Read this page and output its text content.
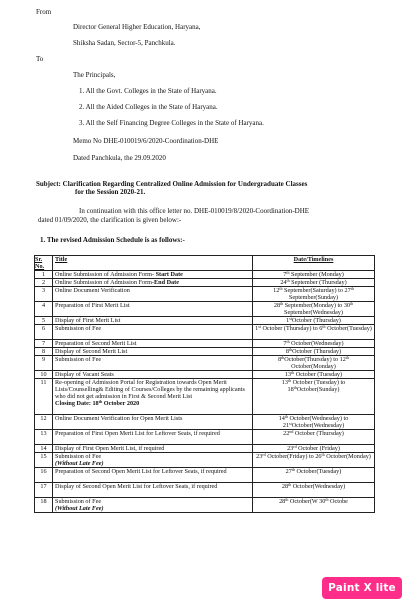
From
Director General Higher Education, Haryana,
Shiksha Sadan, Sector-5, Panchkula.
To
The Principals,
1. All the Govt. Colleges in the State of Haryana.
2. All the Aided Colleges in the State of Haryana.
3. All the Self Financing Degree Colleges in the State of Haryana.
Memo No DHE-010019/6/2020-Coordination-DHE
Dated Panchkula, the 29.09.2020
Subject: Clarification Regarding Centralized Online Admission for Undergraduate Classes
for the Session 2020-21.
In continuation with this office letter no. DHE-010019/8/2020-Coordination-DHE
dated 01/09/2020, the clarification is given below:-
1. The revised Admission Schedule is as follows:-
Sr.
No.	Title	Date/Timelines
1	Online Submission of Admission Form- Start Date	7th September (Monday)
2	Online Submission of Admission Form-End Date	24th September (Thursday)
3	Online Document Verification	12th September(Saturday) to 27th September(Sunday)
4	Preparation of First Merit List	28th September(Monday) to 30th September(Wednesday)
5	Display of First Merit List	1stOctober (Thursday)
6	Submission of Fee	1st October (Thursday) to 6th October(Tuesday)
7	Preparation of Second Merit List	7th October(Wednesday)
8	Display of Second Merit List	8thOctober (Thursday)
9	Submission of Fee	8thOctober(Thursday) to 12th October(Monday)
10	Display of Vacant Seats	13th October (Tuesday)
11	Re-opening of Admission Portal for Registration towards Open Merit Lists/Counselling& Editing of Courses/Colleges by the remaining applicants who did not get admission in First & Second Merit List
Closing Date: 18th October 2020	13th October (Tuesday) to 18thOctober(Sunday)
12	Online Document Verification for Open Merit Lists	14th October(Wednesday) to 21stOctober(Wednesday)
13	Preparation of First Open Merit List for Leftover Seats, if required	22nd October (Thursday)
14	Display of First Open Merit List, if required	23rd October (Friday)
15	Submission of Fee
(Without Late Fee)	23rd October(Friday) to 26th October(Monday)
16	Preparation of Second Open Merit List for Leftover Seats, if required	27th October(Tuesday)
17	Display of Second Open Merit List for Leftover Seats, if required	28th October(Wednesday)
18	Submission of Fee
(Without Late Fee)	28th October(W 30th Octobe
Paint X lite
